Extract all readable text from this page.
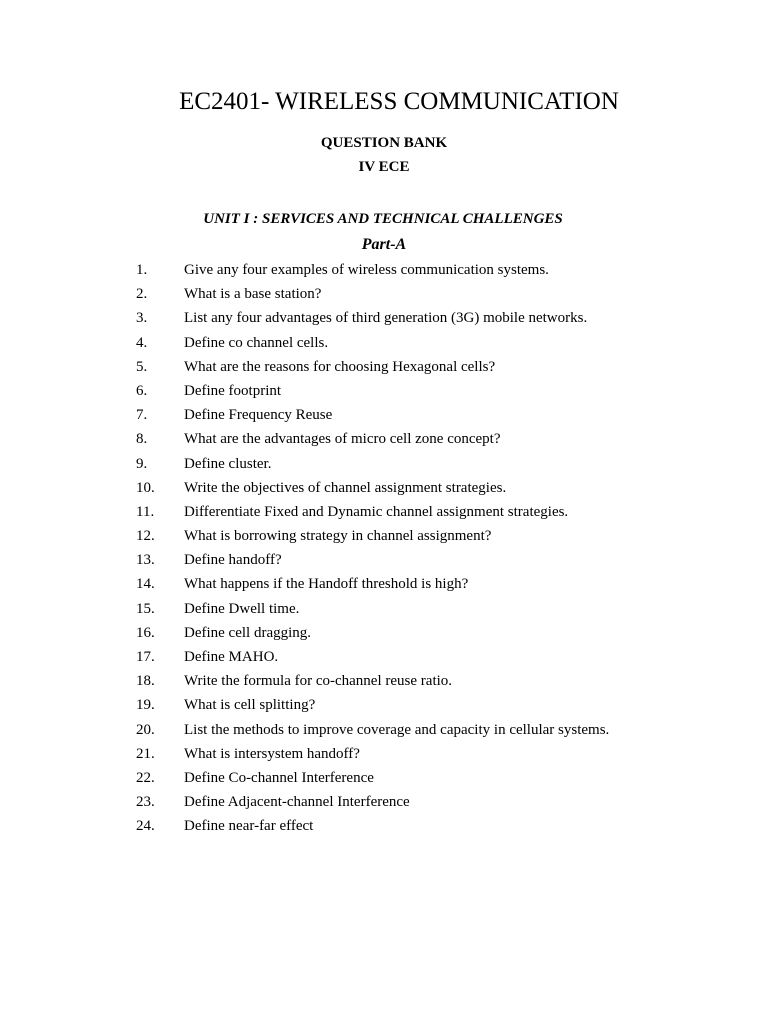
EC2401- WIRELESS COMMUNICATION
QUESTION BANK
IV ECE
UNIT I : SERVICES AND TECHNICAL CHALLENGES
Part-A
1. Give any four examples of wireless communication systems.
2. What is a base station?
3. List any four advantages of third generation (3G) mobile networks.
4. Define co channel cells.
5. What are the reasons for choosing Hexagonal cells?
6. Define footprint
7. Define Frequency Reuse
8. What are the advantages of micro cell zone concept?
9. Define cluster.
10. Write the objectives of channel assignment strategies.
11. Differentiate Fixed and Dynamic channel assignment strategies.
12. What is borrowing strategy in channel assignment?
13. Define handoff?
14. What happens if the Handoff threshold is high?
15. Define Dwell time.
16. Define cell dragging.
17. Define MAHO.
18. Write the formula for co-channel reuse ratio.
19. What is cell splitting?
20. List the methods to improve coverage and capacity in cellular systems.
21. What is intersystem handoff?
22. Define Co-channel Interference
23. Define Adjacent-channel Interference
24. Define near-far effect
